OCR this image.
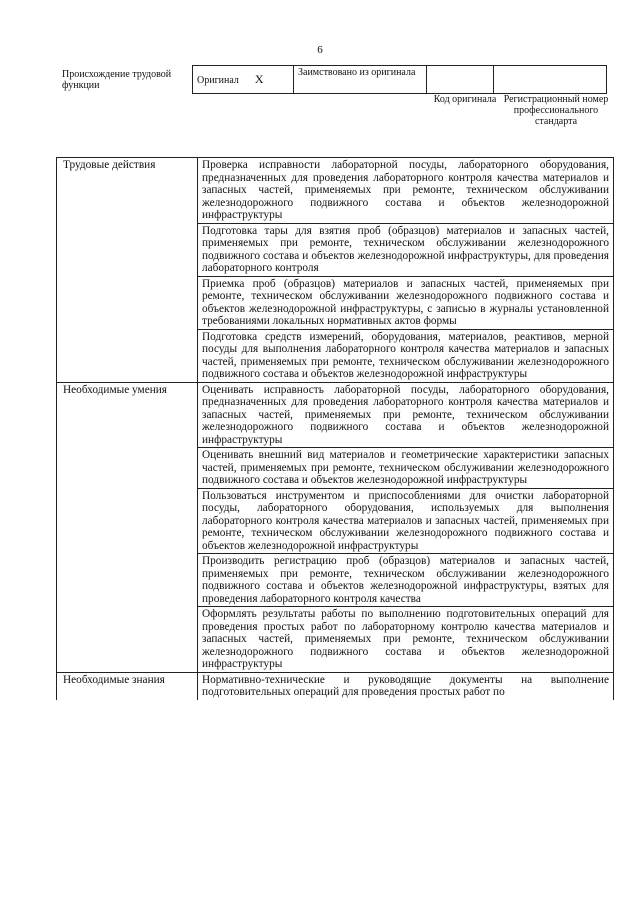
6
Происхождение трудовой функции	Оригинал X	Заимствовано из оригинала		
Код оригинала Регистрационный номер профессионального стандарта
Трудовые действия	Проверка исправности лабораторной посуды, лабораторного оборудования, предназначенных для проведения лабораторного контроля качества материалов и запасных частей, применяемых при ремонте, техническом обслуживании железнодорожного подвижного состава и объектов железнодорожной инфраструктуры
	Подготовка тары для взятия проб (образцов) материалов и запасных частей, применяемых при ремонте, техническом обслуживании железнодорожного подвижного состава и объектов железнодорожной инфраструктуры, для проведения лабораторного контроля
	Приемка проб (образцов) материалов и запасных частей, применяемых при ремонте, техническом обслуживании железнодорожного подвижного состава и объектов железнодорожной инфраструктуры, с записью в журналы установленной требованиями локальных нормативных актов формы
	Подготовка средств измерений, оборудования, материалов, реактивов, мерной посуды для выполнения лабораторного контроля качества материалов и запасных частей, применяемых при ремонте, техническом обслуживании железнодорожного подвижного состава и объектов железнодорожной инфраструктуры
Необходимые умения	Оценивать исправность лабораторной посуды, лабораторного оборудования, предназначенных для проведения лабораторного контроля качества материалов и запасных частей, применяемых при ремонте, техническом обслуживании железнодорожного подвижного состава и объектов железнодорожной инфраструктуры
	Оценивать внешний вид материалов и геометрические характеристики запасных частей, применяемых при ремонте, техническом обслуживании железнодорожного подвижного состава и объектов железнодорожной инфраструктуры
	Пользоваться инструментом и приспособлениями для очистки лабораторной посуды, лабораторного оборудования, используемых для выполнения лабораторного контроля качества материалов и запасных частей, применяемых при ремонте, техническом обслуживании железнодорожного подвижного состава и объектов железнодорожной инфраструктуры
	Производить регистрацию проб (образцов) материалов и запасных частей, применяемых при ремонте, техническом обслуживании железнодорожного подвижного состава и объектов железнодорожной инфраструктуры, взятых для проведения лабораторного контроля качества
	Оформлять результаты работы по выполнению подготовительных операций для проведения простых работ по лабораторному контролю качества материалов и запасных частей, применяемых при ремонте, техническом обслуживании железнодорожного подвижного состава и объектов железнодорожной инфраструктуры
Необходимые знания	Нормативно-технические и руководящие документы на выполнение подготовительных операций для проведения простых работ по
